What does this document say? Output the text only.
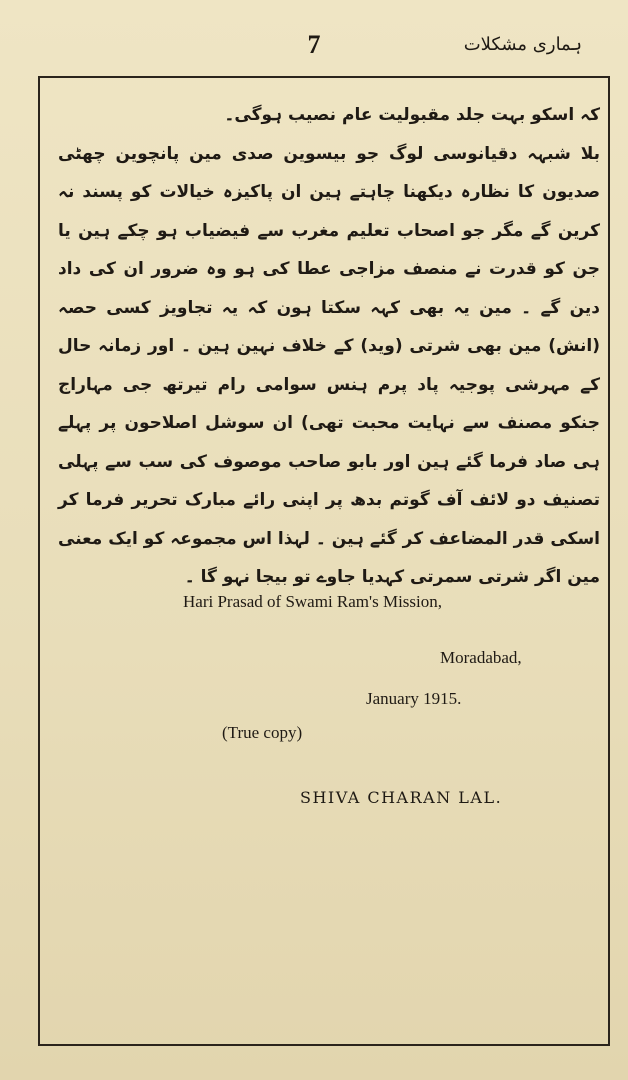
7	ہماری مشکلات

کہ اسکو بہت جلد مقبولیت عام نصیب ہوگی۔

بلا شبہہ دقیانوسی لوگ جو بیسوین صدی مین پانچوین چھٹی صدیون کا نظارہ دیکھنا چاہتے ہین ان پاکیزہ خیالات کو پسند نہ کرین گے مگر جو اصحاب تعلیم مغرب سے فیضیاب ہو چکے ہین یا جن کو قدرت نے منصف مزاجی عطا کی ہو وہ ضرور ان کی داد دین گے ۔ مین یہ بھی کہہ سکتا ہون کہ یہ تجاویز کسی حصہ (انش) مین بھی شرتی (وید) کے خلاف نہین ہین ۔ اور زمانہ حال کے مہرشی پوجیہ پاد پرم ہنس سوامی رام تیرتھ جی مہاراج جنکو مصنف سے نہایت محبت تھی) ان سوشل اصلاحون پر پہلے ہی صاد فرما گئے ہین اور بابو صاحب موصوف کی سب سے پہلی تصنیف دو لائف آف گوتم بدھ پر اپنی رائے مبارک تحریر فرما کر اسکی قدر المضاعف کر گئے ہین ۔ لہذا اس مجموعہ کو ایک معنی مین اگر شرتی سمرتی کہدیا جاوے تو بیجا نہو گا ۔

Hari Prasad of Swami Ram's Mission,
Moradabad,
January 1915.
(True copy)
SHIVA CHARAN LAL.
